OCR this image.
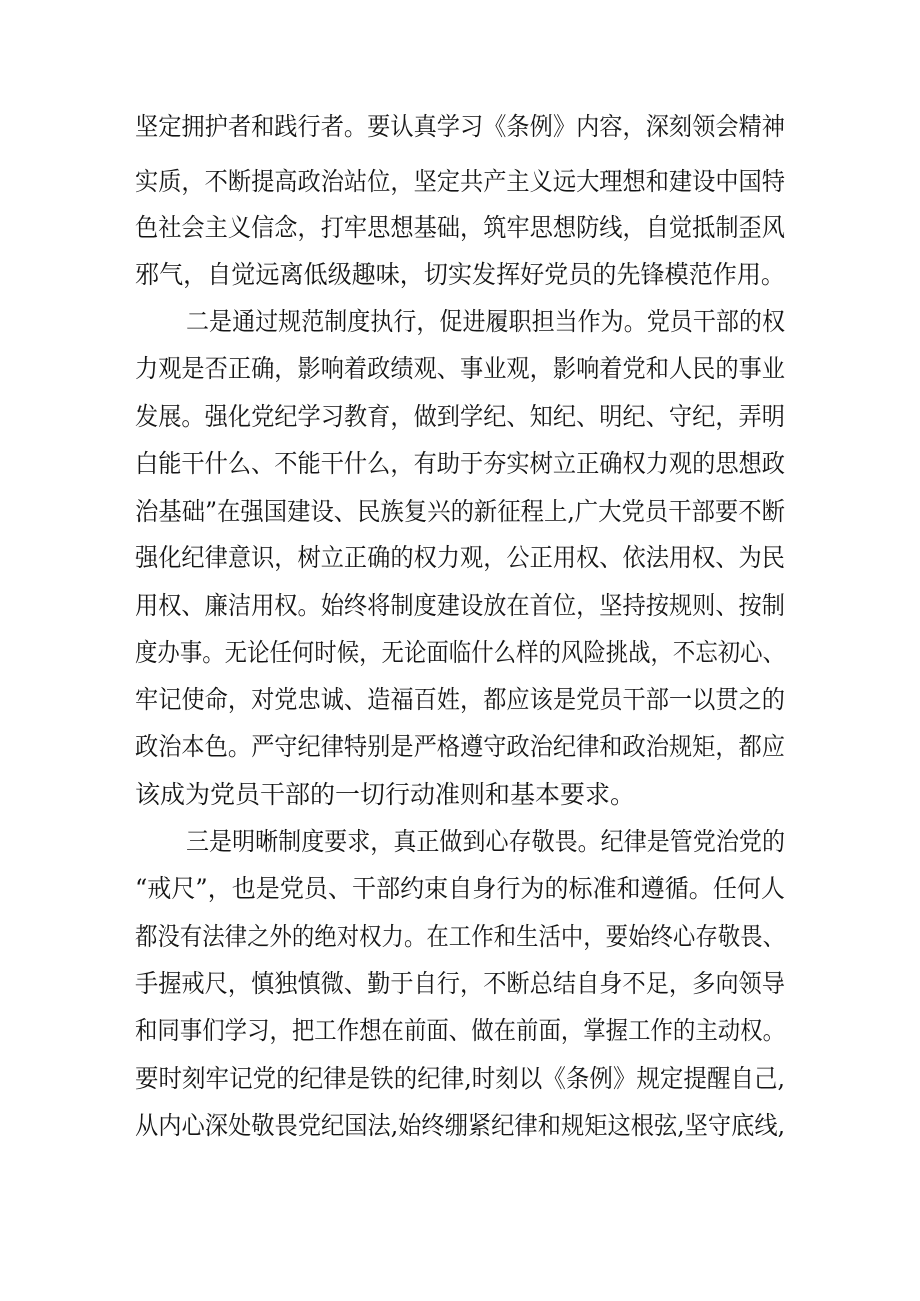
坚定拥护者和践行者。要认真学习《条例》内容，深刻领会精神
实质，不断提高政治站位，坚定共产主义远大理想和建设中国特
色社会主义信念，打牢思想基础，筑牢思想防线，自觉抵制歪风
邪气，自觉远离低级趣味，切实发挥好党员的先锋模范作用。
二是通过规范制度执行，促进履职担当作为。党员干部的权
力观是否正确，影响着政绩观、事业观，影响着党和人民的事业
发展。强化党纪学习教育，做到学纪、知纪、明纪、守纪，弄明
白能干什么、不能干什么，有助于夯实树立正确权力观的思想政
治基础”在强国建设、民族复兴的新征程上,广大党员干部要不断
强化纪律意识，树立正确的权力观，公正用权、依法用权、为民
用权、廉洁用权。始终将制度建设放在首位，坚持按规则、按制
度办事。无论任何时候，无论面临什么样的风险挑战，不忘初心、
牢记使命，对党忠诚、造福百姓，都应该是党员干部一以贯之的
政治本色。严守纪律特别是严格遵守政治纪律和政治规矩，都应
该成为党员干部的一切行动准则和基本要求。
三是明晰制度要求，真正做到心存敬畏。纪律是管党治党的
“戒尺”，也是党员、干部约束自身行为的标准和遵循。任何人
都没有法律之外的绝对权力。在工作和生活中，要始终心存敬畏、
手握戒尺，慎独慎微、勤于自行，不断总结自身不足，多向领导
和同事们学习，把工作想在前面、做在前面，掌握工作的主动权。
要时刻牢记党的纪律是铁的纪律,时刻以《条例》规定提醒自己,
从内心深处敬畏党纪国法,始终绷紧纪律和规矩这根弦,坚守底线,
